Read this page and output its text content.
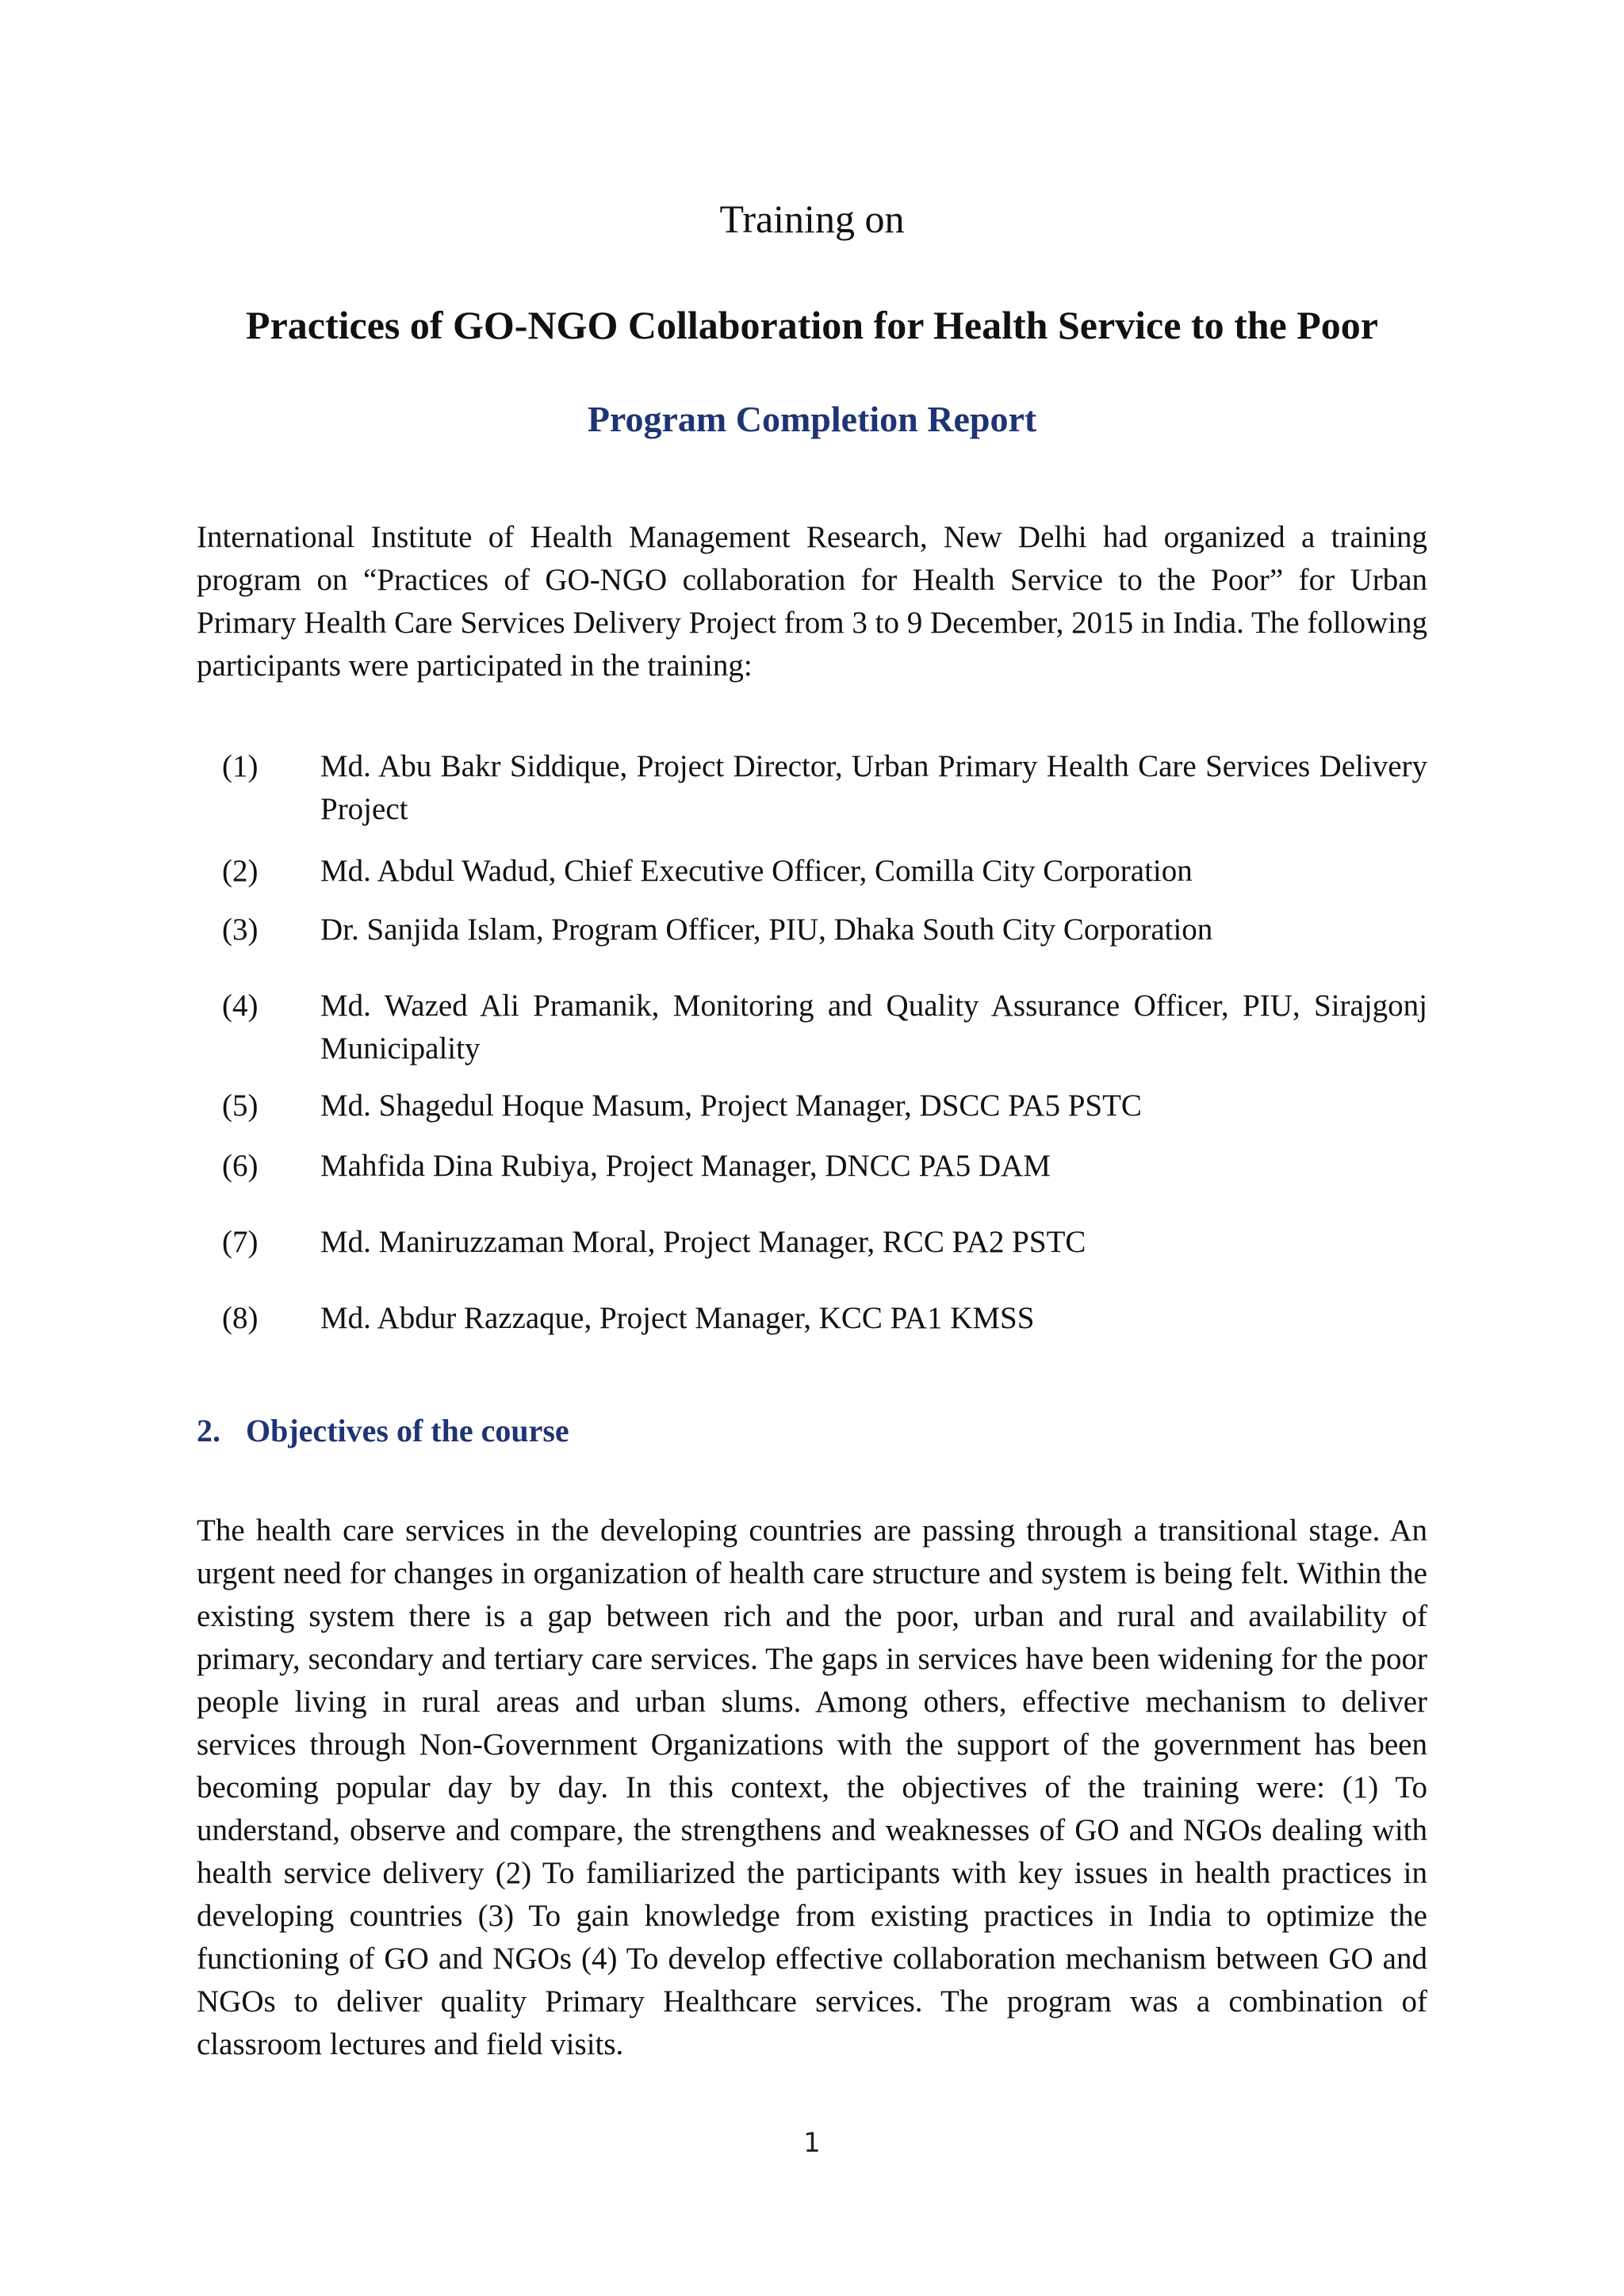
Training on
Practices of GO-NGO Collaboration for Health Service to the Poor
Program Completion Report

International Institute of Health Management Research, New Delhi had organized a training program on “Practices of GO-NGO collaboration for Health Service to the Poor” for Urban Primary Health Care Services Delivery Project from 3 to 9 December, 2015 in India. The following participants were participated in the training:

(1)	Md. Abu Bakr Siddique, Project Director, Urban Primary Health Care Services Delivery Project
(2)	Md. Abdul Wadud, Chief Executive Officer, Comilla City Corporation
(3)	Dr. Sanjida Islam, Program Officer, PIU, Dhaka South City Corporation
(4)	Md. Wazed Ali Pramanik, Monitoring and Quality Assurance Officer, PIU, Sirajgonj Municipality
(5)	Md. Shagedul Hoque Masum, Project Manager, DSCC PA5 PSTC
(6)	Mahfida Dina Rubiya, Project Manager, DNCC PA5 DAM
(7)	Md. Maniruzzaman Moral, Project Manager, RCC PA2 PSTC
(8)	Md. Abdur Razzaque, Project Manager, KCC PA1 KMSS
2. Objectives of the course

The health care services in the developing countries are passing through a transitional stage. An urgent need for changes in organization of health care structure and system is being felt. Within the existing system there is a gap between rich and the poor, urban and rural and availability of primary, secondary and tertiary care services. The gaps in services have been widening for the poor people living in rural areas and urban slums. Among others, effective mechanism to deliver services through Non-Government Organizations with the support of the government has been becoming popular day by day. In this context, the objectives of the training were: (1) To understand, observe and compare, the strengthens and weaknesses of GO and NGOs dealing with health service delivery (2) To familiarized the participants with key issues in health practices in developing countries (3) To gain knowledge from existing practices in India to optimize the functioning of GO and NGOs (4) To develop effective collaboration mechanism between GO and NGOs to deliver quality Primary Healthcare services. The program was a combination of classroom lectures and field visits.

1
